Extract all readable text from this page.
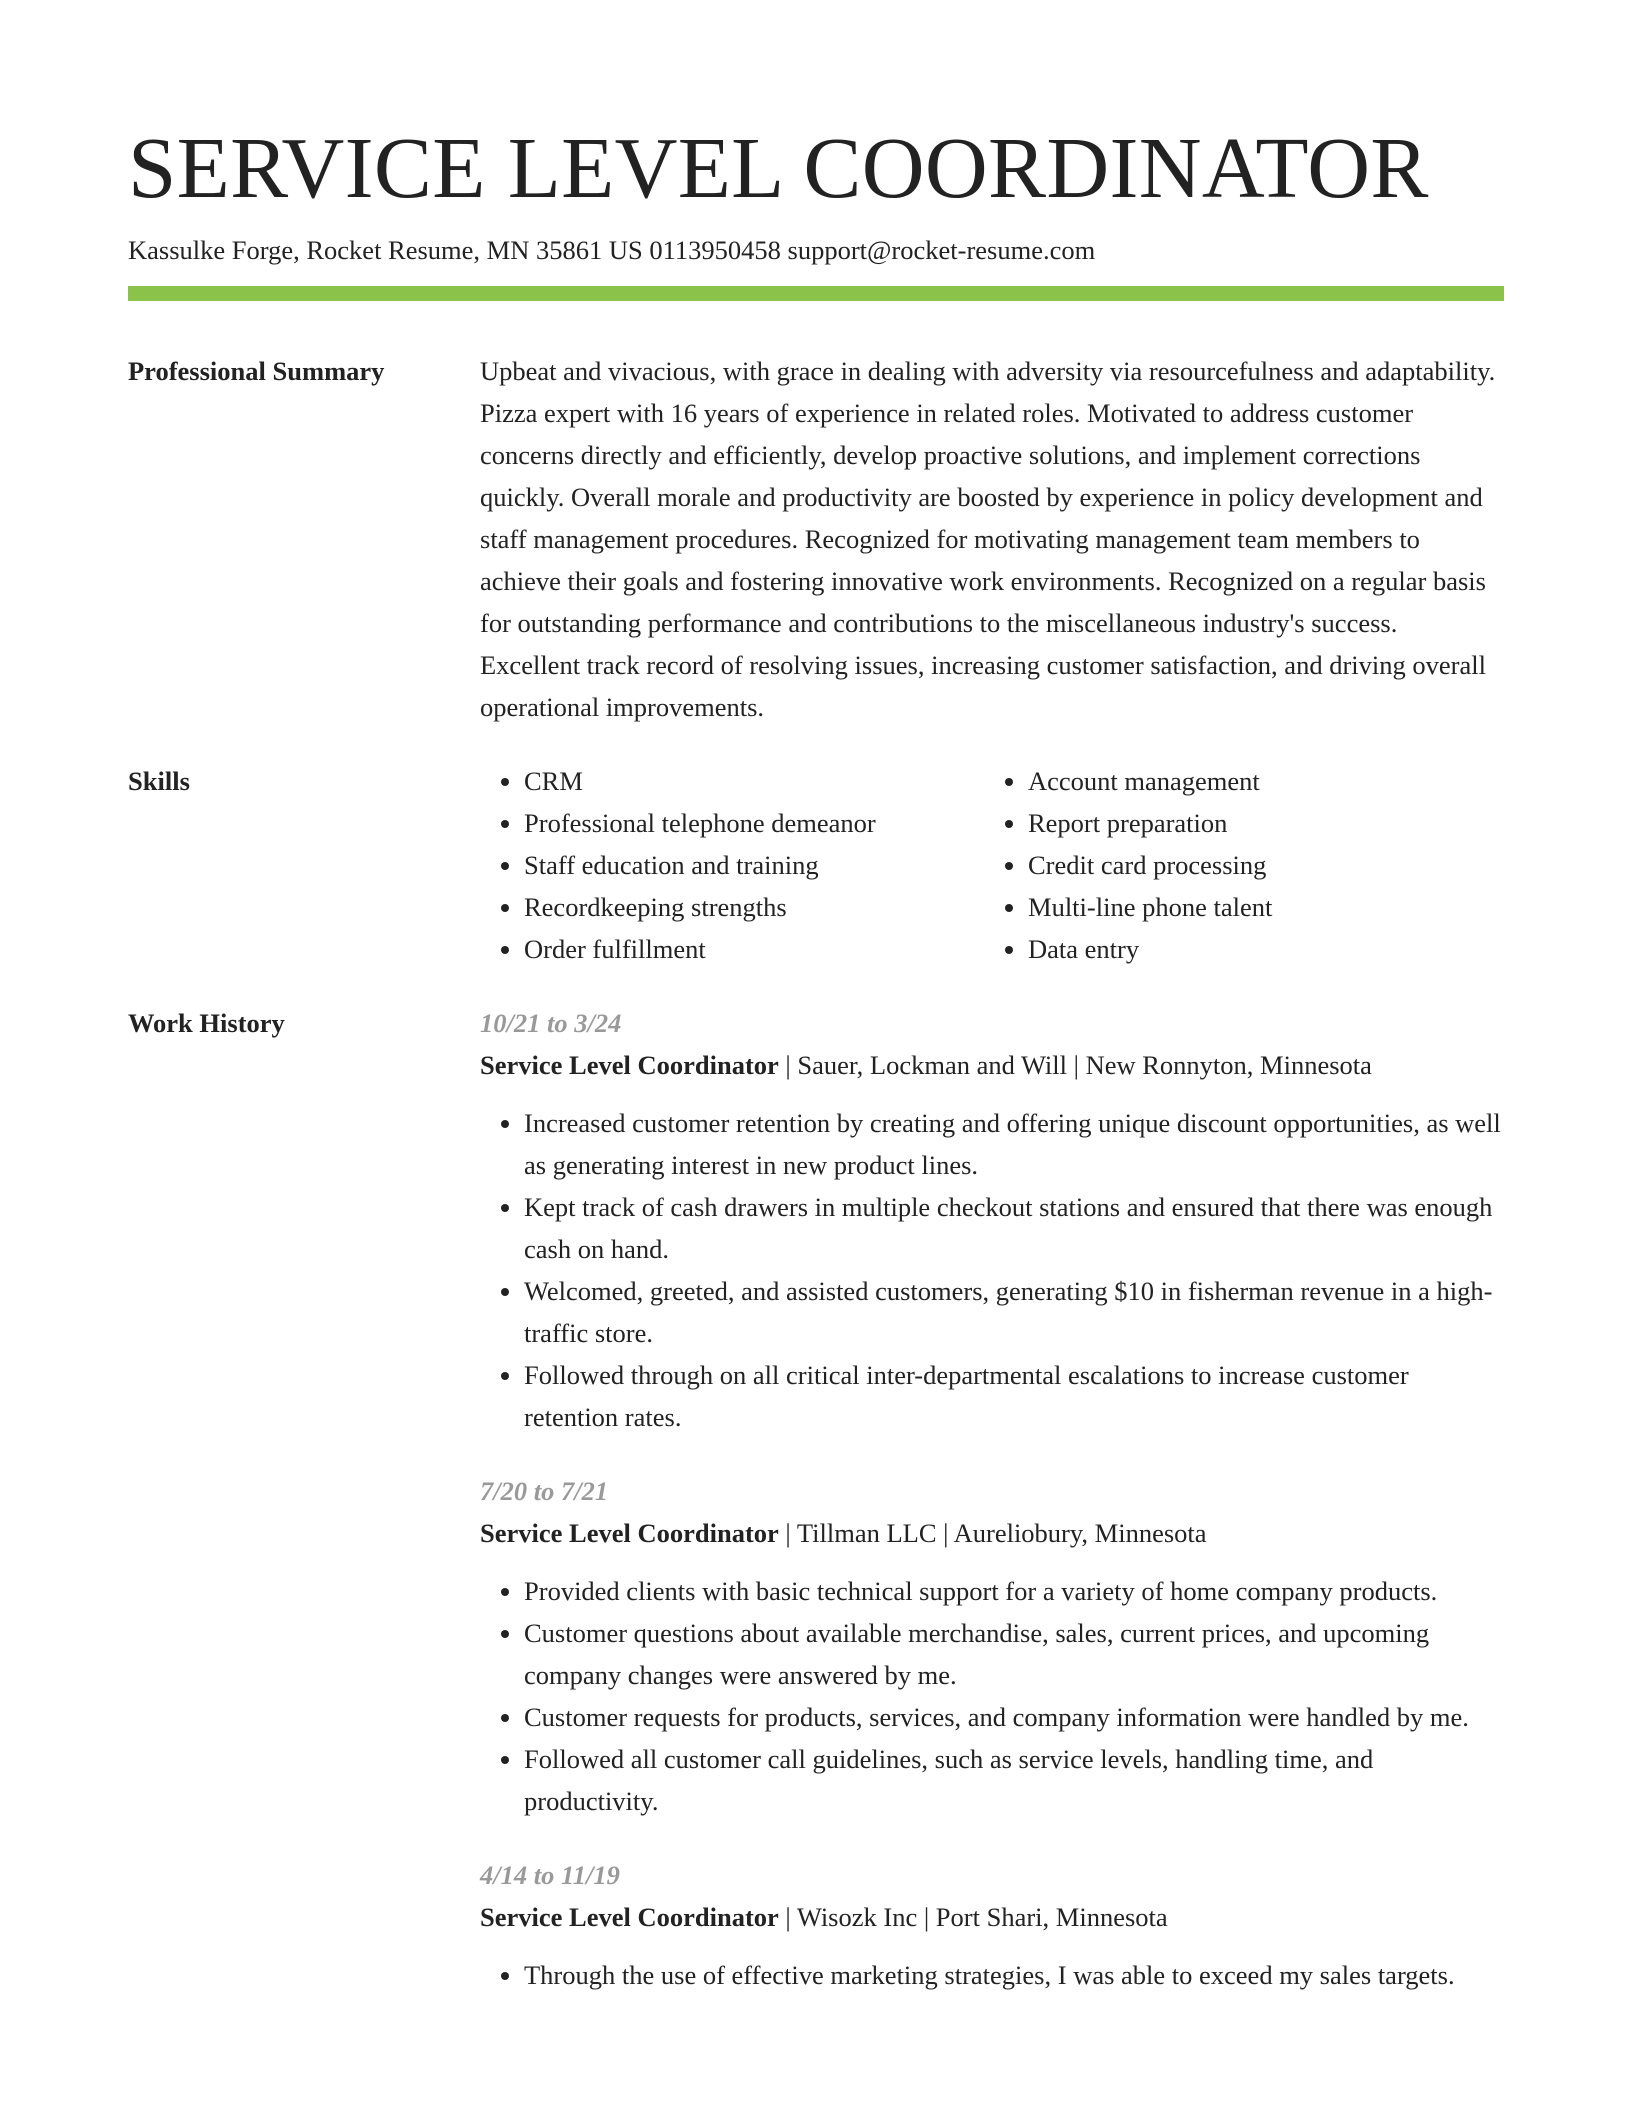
SERVICE LEVEL COORDINATOR
Kassulke Forge, Rocket Resume, MN 35861 US 0113950458 support@rocket-resume.com
Professional Summary	Upbeat and vivacious, with grace in dealing with adversity via resourcefulness and adaptability. Pizza expert with 16 years of experience in related roles. Motivated to address customer concerns directly and efficiently, develop proactive solutions, and implement corrections quickly. Overall morale and productivity are boosted by experience in policy development and staff management procedures. Recognized for motivating management team members to achieve their goals and fostering innovative work environments. Recognized on a regular basis for outstanding performance and contributions to the miscellaneous industry's success. Excellent track record of resolving issues, increasing customer satisfaction, and driving overall operational improvements.

Skills
•	CRM
• Professional telephone demeanor
• Staff education and training
• Recordkeeping strengths
• Order fulfillment
• Account management
• Report preparation
• Credit card processing
• Multi-line phone talent
• Data entry
Work History	10/21 to 3/24
Service Level Coordinator | Sauer, Lockman and Will | New Ronnyton, Minnesota
• Increased customer retention by creating and offering unique discount opportunities, as well as generating interest in new product lines.
• Kept track of cash drawers in multiple checkout stations and ensured that there was enough cash on hand.
• Welcomed, greeted, and assisted customers, generating $10 in fisherman revenue in a high-traffic store.
• Followed through on all critical inter-departmental escalations to increase customer retention rates.
7/20 to 7/21
Service Level Coordinator | Tillman LLC | Aureliobury, Minnesota
• Provided clients with basic technical support for a variety of home company products.
• Customer questions about available merchandise, sales, current prices, and upcoming company changes were answered by me.
• Customer requests for products, services, and company information were handled by me.
• Followed all customer call guidelines, such as service levels, handling time, and productivity.
4/14 to 11/19
Service Level Coordinator | Wisozk Inc | Port Shari, Minnesota
• Through the use of effective marketing strategies, I was able to exceed my sales targets.
